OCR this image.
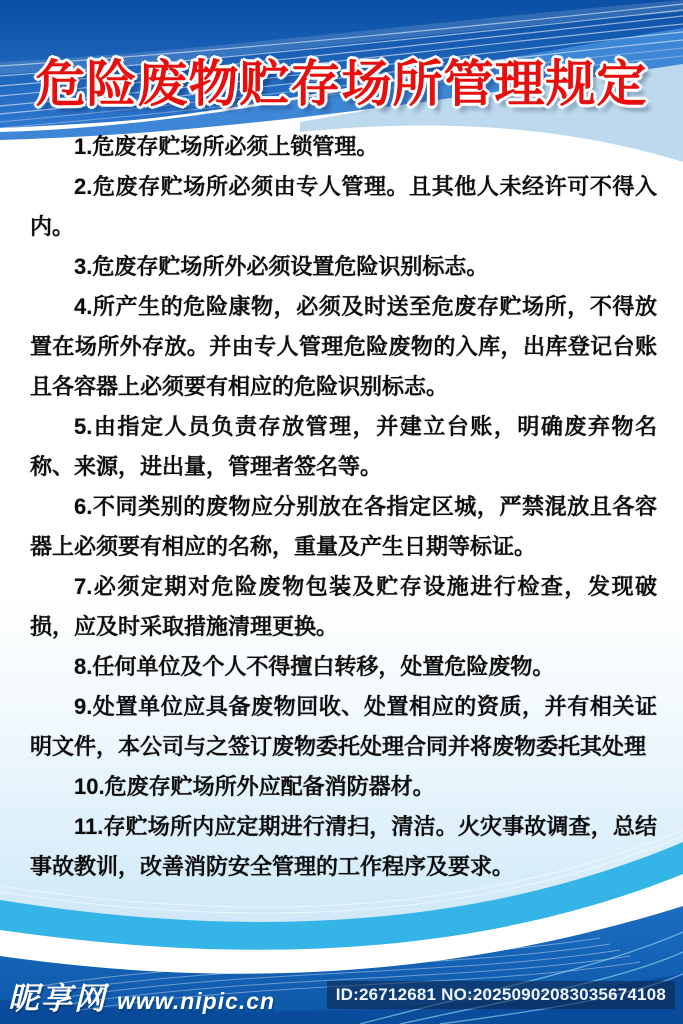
危险废物贮存场所管理规定

1.危废存贮场所必须上锁管理。

2.危废存贮场所必须由专人管理。且其他人未经许可不得入内。

3.危废存贮场所外必须设置危险识别标志。

4.所产生的危险康物，必须及时送至危废存贮场所，不得放置在场所外存放。并由专人管理危险废物的入库，出库登记台账且各容器上必须要有相应的危险识别标志。

5.由指定人员负责存放管理，并建立台账，明确废弃物名称、来源，进出量，管理者签名等。

6.不同类别的废物应分别放在各指定区城，严禁混放且各容器上必须要有相应的名称，重量及产生日期等标证。

7.必须定期对危险废物包装及贮存设施进行检查，发现破损，应及时采取措施清理更换。

8.任何单位及个人不得擅白转移，处置危险废物。

9.处置单位应具备废物回收、处置相应的资质，并有相关证明文件，本公司与之签订废物委托处理合同并将废物委托其处理

10.危废存贮场所外应配备消防器材。

11.存贮场所内应定期进行清扫，清洁。火灾事故调查，总结事故教训，改善消防安全管理的工作程序及要求。

昵享网 www.nipic.cn	ID:26712681 NO:20250902083035674108
